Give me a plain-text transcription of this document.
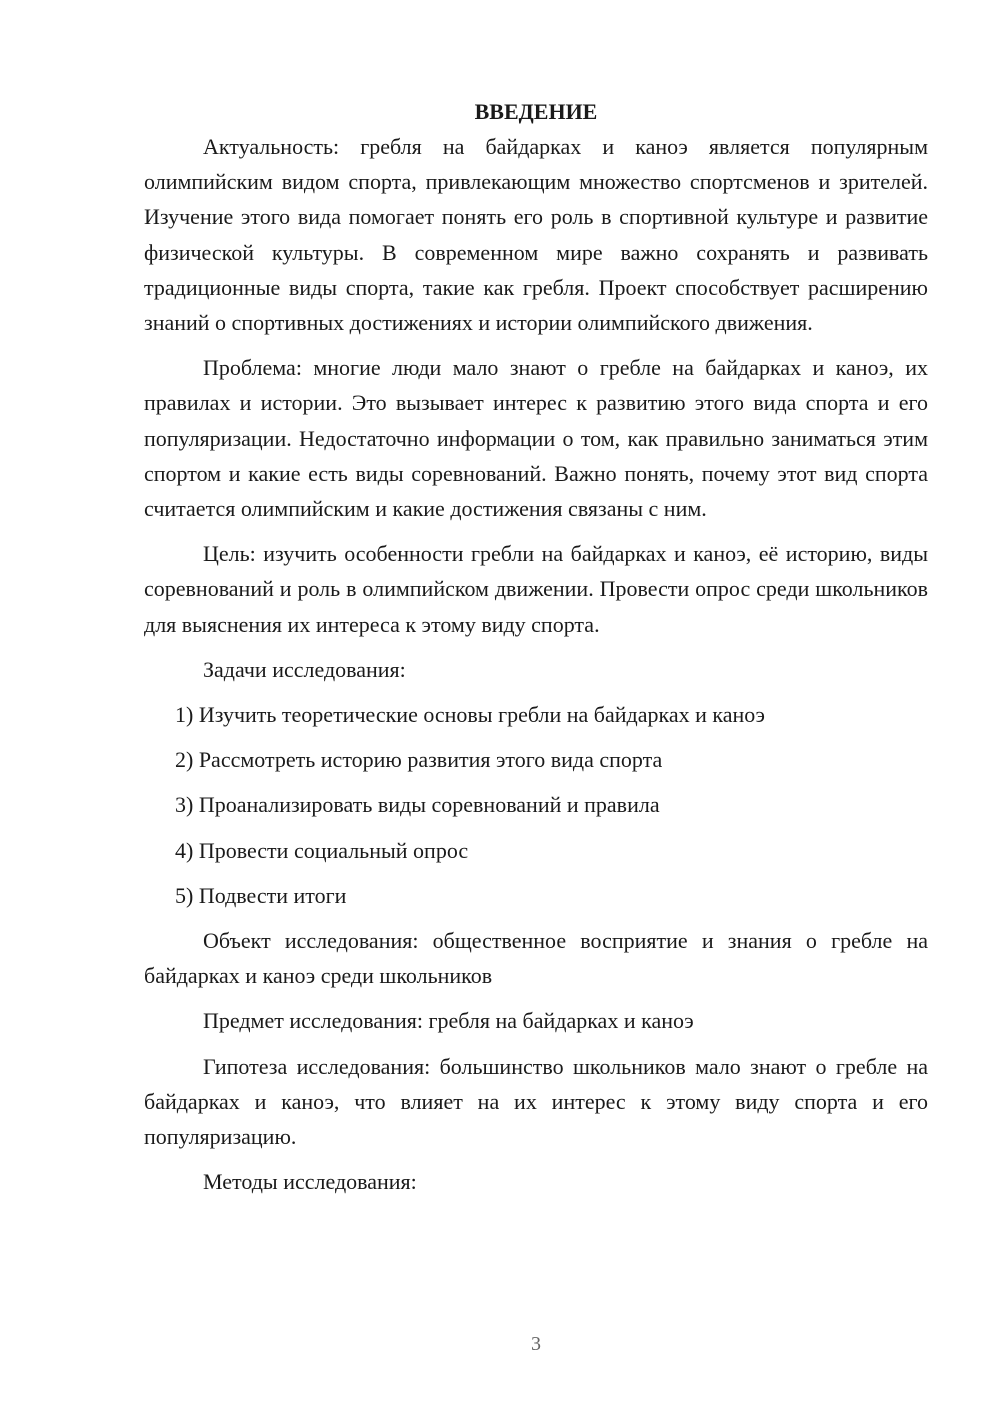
ВВЕДЕНИЕ

Актуальность: гребля на байдарках и каноэ является популярным олимпийским видом спорта, привлекающим множество спортсменов и зрителей. Изучение этого вида помогает понять его роль в спортивной культуре и развитие физической культуры. В современном мире важно сохранять и развивать традиционные виды спорта, такие как гребля. Проект способствует расширению знаний о спортивных достижениях и истории олимпийского движения.

Проблема: многие люди мало знают о гребле на байдарках и каноэ, их правилах и истории. Это вызывает интерес к развитию этого вида спорта и его популяризации. Недостаточно информации о том, как правильно заниматься этим спортом и какие есть виды соревнований. Важно понять, почему этот вид спорта считается олимпийским и какие достижения связаны с ним.

Цель: изучить особенности гребли на байдарках и каноэ, её историю, виды соревнований и роль в олимпийском движении. Провести опрос среди школьников для выяснения их интереса к этому виду спорта.

Задачи исследования:

1) Изучить теоретические основы гребли на байдарках и каноэ
2) Рассмотреть историю развития этого вида спорта
3) Проанализировать виды соревнований и правила
4) Провести социальный опрос
5) Подвести итоги

Объект исследования: общественное восприятие и знания о гребле на байдарках и каноэ среди школьников

Предмет исследования: гребля на байдарках и каноэ

Гипотеза исследования: большинство школьников мало знают о гребле на байдарках и каноэ, что влияет на их интерес к этому виду спорта и его популяризацию.

Методы исследования:

3
